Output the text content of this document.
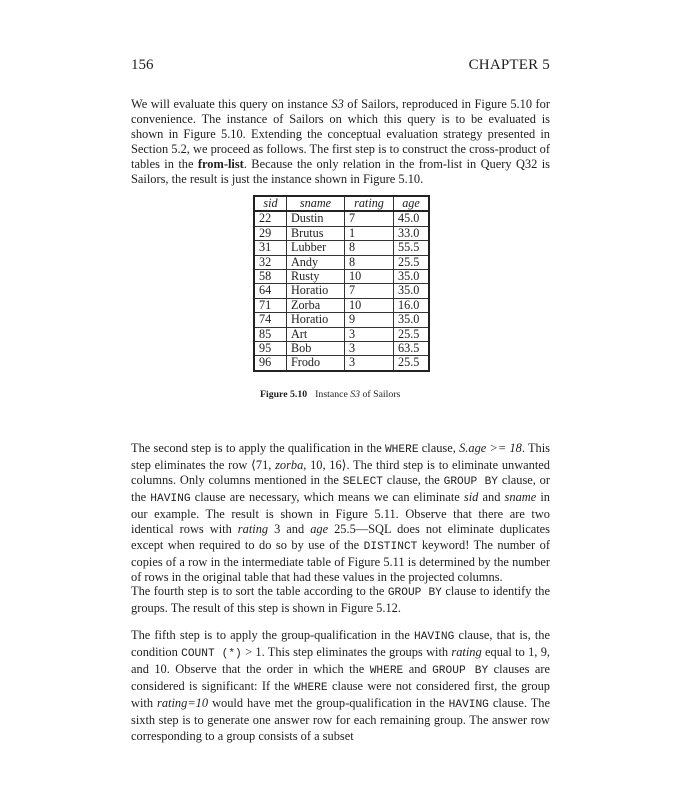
156	CHAPTER 5

We will evaluate this query on instance S3 of Sailors, reproduced in Figure 5.10 for convenience. The instance of Sailors on which this query is to be evaluated is shown in Figure 5.10. Extending the conceptual evaluation strategy presented in Section 5.2, we proceed as follows. The first step is to construct the cross-product of tables in the from-list. Because the only relation in the from-list in Query Q32 is Sailors, the result is just the instance shown in Figure 5.10.

sid	sname	rating	age
22	Dustin	7	45.0
29	Brutus	1	33.0
31	Lubber	8	55.5
32	Andy	8	25.5
58	Rusty	10	35.0
64	Horatio	7	35.0
71	Zorba	10	16.0
74	Horatio	9	35.0
85	Art	3	25.5
95	Bob	3	63.5
96	Frodo	3	25.5
Figure 5.10 Instance S3 of Sailors

The second step is to apply the qualification in the WHERE clause, S.age >= 18. This step eliminates the row ⟨71, zorba, 10, 16⟩. The third step is to eliminate unwanted columns. Only columns mentioned in the SELECT clause, the GROUP BY clause, or the HAVING clause are necessary, which means we can eliminate sid and sname in our example. The result is shown in Figure 5.11. Observe that there are two identical rows with rating 3 and age 25.5—SQL does not eliminate duplicates except when required to do so by use of the DISTINCT keyword! The number of copies of a row in the intermediate table of Figure 5.11 is determined by the number of rows in the original table that had these values in the projected columns.

The fourth step is to sort the table according to the GROUP BY clause to identify the groups. The result of this step is shown in Figure 5.12.

The fifth step is to apply the group-qualification in the HAVING clause, that is, the condition COUNT (*) > 1. This step eliminates the groups with rating equal to 1, 9, and 10. Observe that the order in which the WHERE and GROUP BY clauses are considered is significant: If the WHERE clause were not considered first, the group with rating=10 would have met the group-qualification in the HAVING clause. The sixth step is to generate one answer row for each remaining group. The answer row corresponding to a group consists of a subset
